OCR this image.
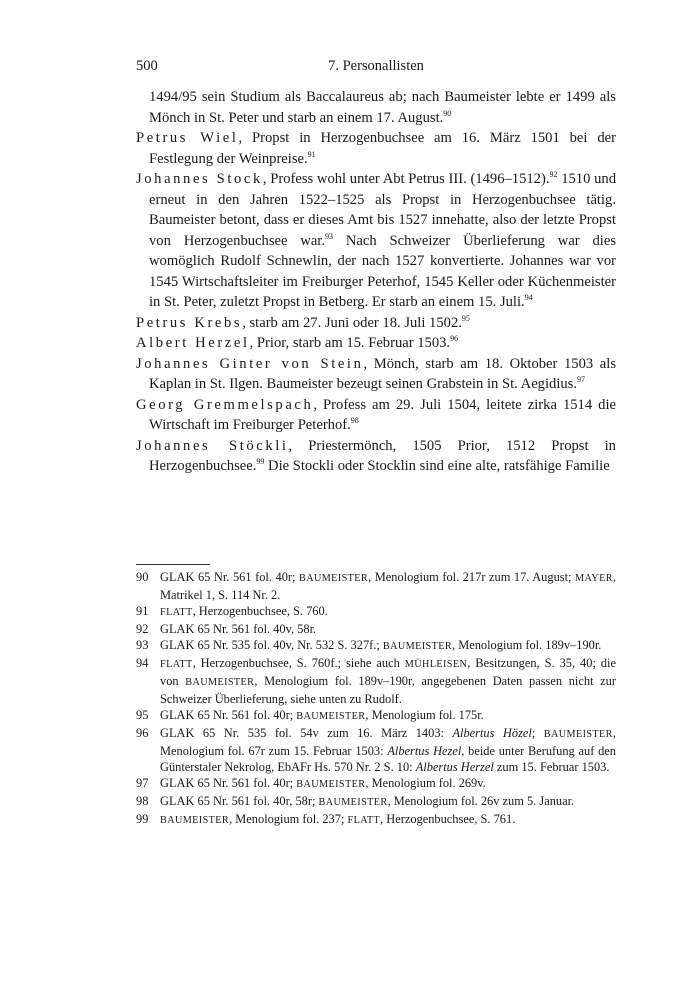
500	7. Personallisten

1494/95 sein Studium als Baccalaureus ab; nach Baumeister lebte er 1499 als Mönch in St. Peter und starb an einem 17. August.$^{90}$

Petrus Wiel, Propst in Herzogenbuchsee am 16. März 1501 bei der Festlegung der Weinpreise.$^{91}$

Johannes Stock, Profess wohl unter Abt Petrus III. (1496–1512).$^{92}$ 1510 und erneut in den Jahren 1522–1525 als Propst in Herzogenbuchsee tätig. Baumeister betont, dass er dieses Amt bis 1527 innehatte, also der letzte Propst von Herzogenbuchsee war.$^{93}$ Nach Schweizer Überlieferung war dies womöglich Rudolf Schnewlin, der nach 1527 konvertierte. Johannes war vor 1545 Wirtschaftsleiter im Freiburger Peterhof, 1545 Keller oder Küchenmeister in St. Peter, zuletzt Propst in Betberg. Er starb an einem 15. Juli.$^{94}$

Petrus Krebs, starb am 27. Juni oder 18. Juli 1502.95

Albert Herzel, Prior, starb am 15. Februar 1503.96

Johannes Ginter von Stein, Mönch, starb am 18. Oktober 1503 als Kaplan in St. Ilgen. Baumeister bezeugt seinen Grabstein in St. Aegidius.$^{97}$

Georg Gremmelspach, Profess am 29. Juli 1504, leitete zirka 1514 die Wirtschaft im Freiburger Peterhof.$^{98}$

Johannes Stöckli, Priestermönch, 1505 Prior, 1512 Propst in Herzogenbuchsee.$^{99}$ Die Stockli oder Stocklin sind eine alte, ratsfähige Familie

90 GLAK 65 Nr. 561 fol. 40r; BAUMEISTER, Menologium fol. 217r zum 17. August; MAYER, Matrikel 1, S. 114 Nr. 2.

91 FLATT, Herzogenbuchsee, S. 760.

92 GLAK 65 Nr. 561 fol. 40v, 58r.

93 GLAK 65 Nr. 535 fol. 40v, Nr. 532 S. 327f.; BAUMEISTER, Menologium fol. 189v–190r.

94 FLATT, Herzogenbuchsee, S. 760f.; siehe auch MÜHLEISEN, Besitzungen, S. 35, 40; die von BAUMEISTER, Menologium fol. 189v–190r, angegebenen Daten passen nicht zur Schweizer Überlieferung, siehe unten zu Rudolf.

95 GLAK 65 Nr. 561 fol. 40r; BAUMEISTER, Menologium fol. 175r.

96 GLAK 65 Nr. 535 fol. 54v zum 16. März 1403: Albertus Hözel; BAUMEISTER, Menologium fol. 67r zum 15. Februar 1503: Albertus Hezel, beide unter Berufung auf den Günterstaler Nekrolog, EbAFr Hs. 570 Nr. 2 S. 10: Albertus Herzel zum 15. Februar 1503.

97 GLAK 65 Nr. 561 fol. 40r; BAUMEISTER, Menologium fol. 269v.

98 GLAK 65 Nr. 561 fol. 40r, 58r; BAUMEISTER, Menologium fol. 26v zum 5. Januar.

99 BAUMEISTER, Menologium fol. 237; FLATT, Herzogenbuchsee, S. 761.
